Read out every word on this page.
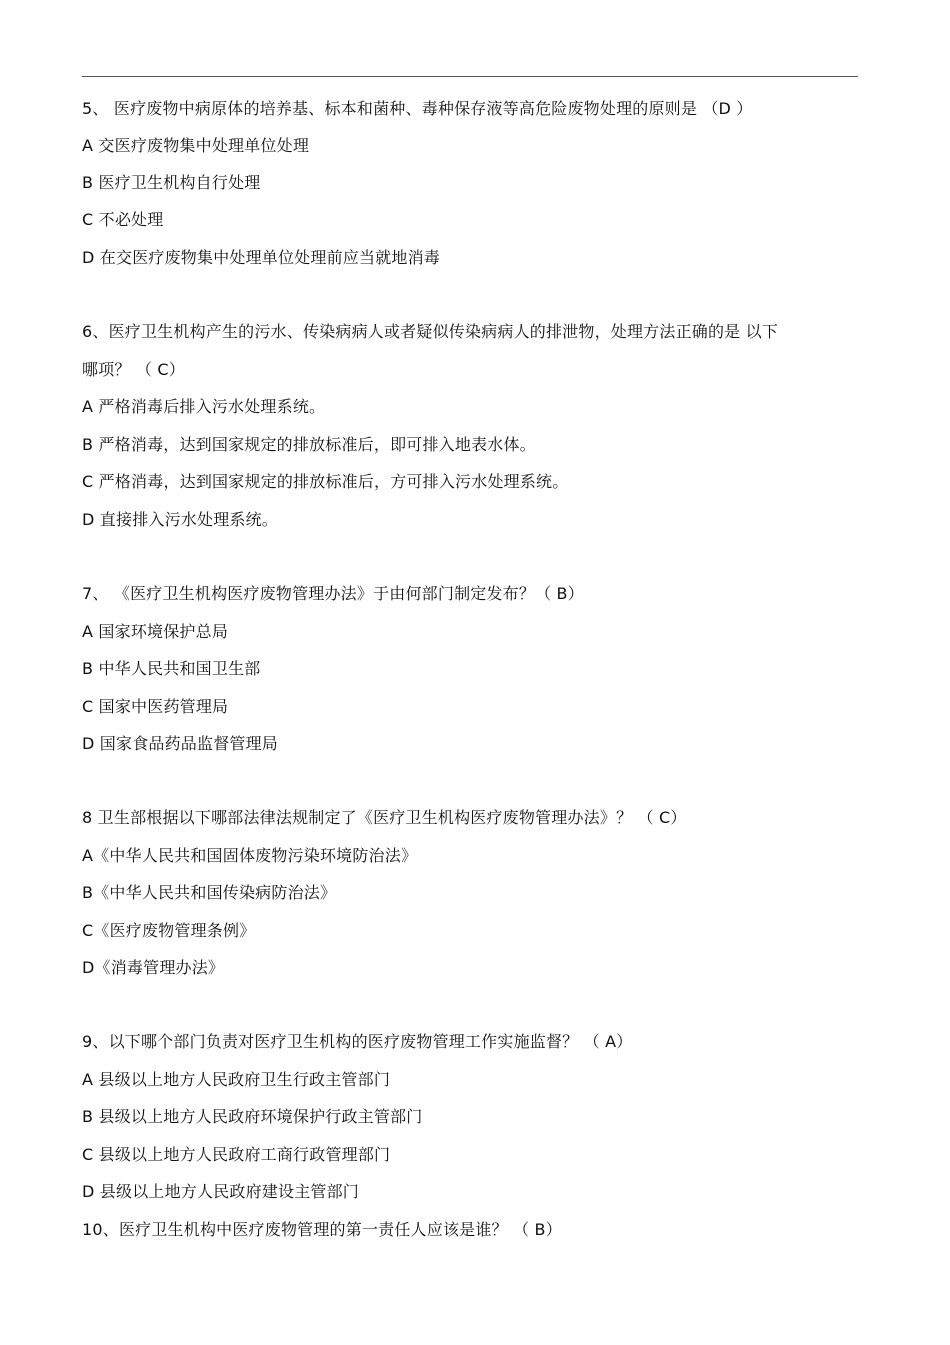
5、 医疗废物中病原体的培养基、标本和菌种、毒种保存液等高危险废物处理的原则是 （D ）
A 交医疗废物集中处理单位处理
B 医疗卫生机构自行处理
C 不必处理
D 在交医疗废物集中处理单位处理前应当就地消毒
6、医疗卫生机构产生的污水、传染病病人或者疑似传染病病人的排泄物，处理方法正确的是 以下
哪项？ （ C）
A 严格消毒后排入污水处理系统。
B 严格消毒，达到国家规定的排放标准后，即可排入地表水体。
C 严格消毒，达到国家规定的排放标准后，方可排入污水处理系统。
D 直接排入污水处理系统。
7、 《医疗卫生机构医疗废物管理办法》于由何部门制定发布？（ B）
A 国家环境保护总局
B 中华人民共和国卫生部
C 国家中医药管理局
D 国家食品药品监督管理局
8 卫生部根据以下哪部法律法规制定了《医疗卫生机构医疗废物管理办法》？ （ C）
A《中华人民共和国固体废物污染环境防治法》
B《中华人民共和国传染病防治法》
C《医疗废物管理条例》
D《消毒管理办法》
9、以下哪个部门负责对医疗卫生机构的医疗废物管理工作实施监督？ （ A）
A 县级以上地方人民政府卫生行政主管部门
B 县级以上地方人民政府环境保护行政主管部门
C 县级以上地方人民政府工商行政管理部门
D 县级以上地方人民政府建设主管部门
10、医疗卫生机构中医疗废物管理的第一责任人应该是谁？ （ B）
